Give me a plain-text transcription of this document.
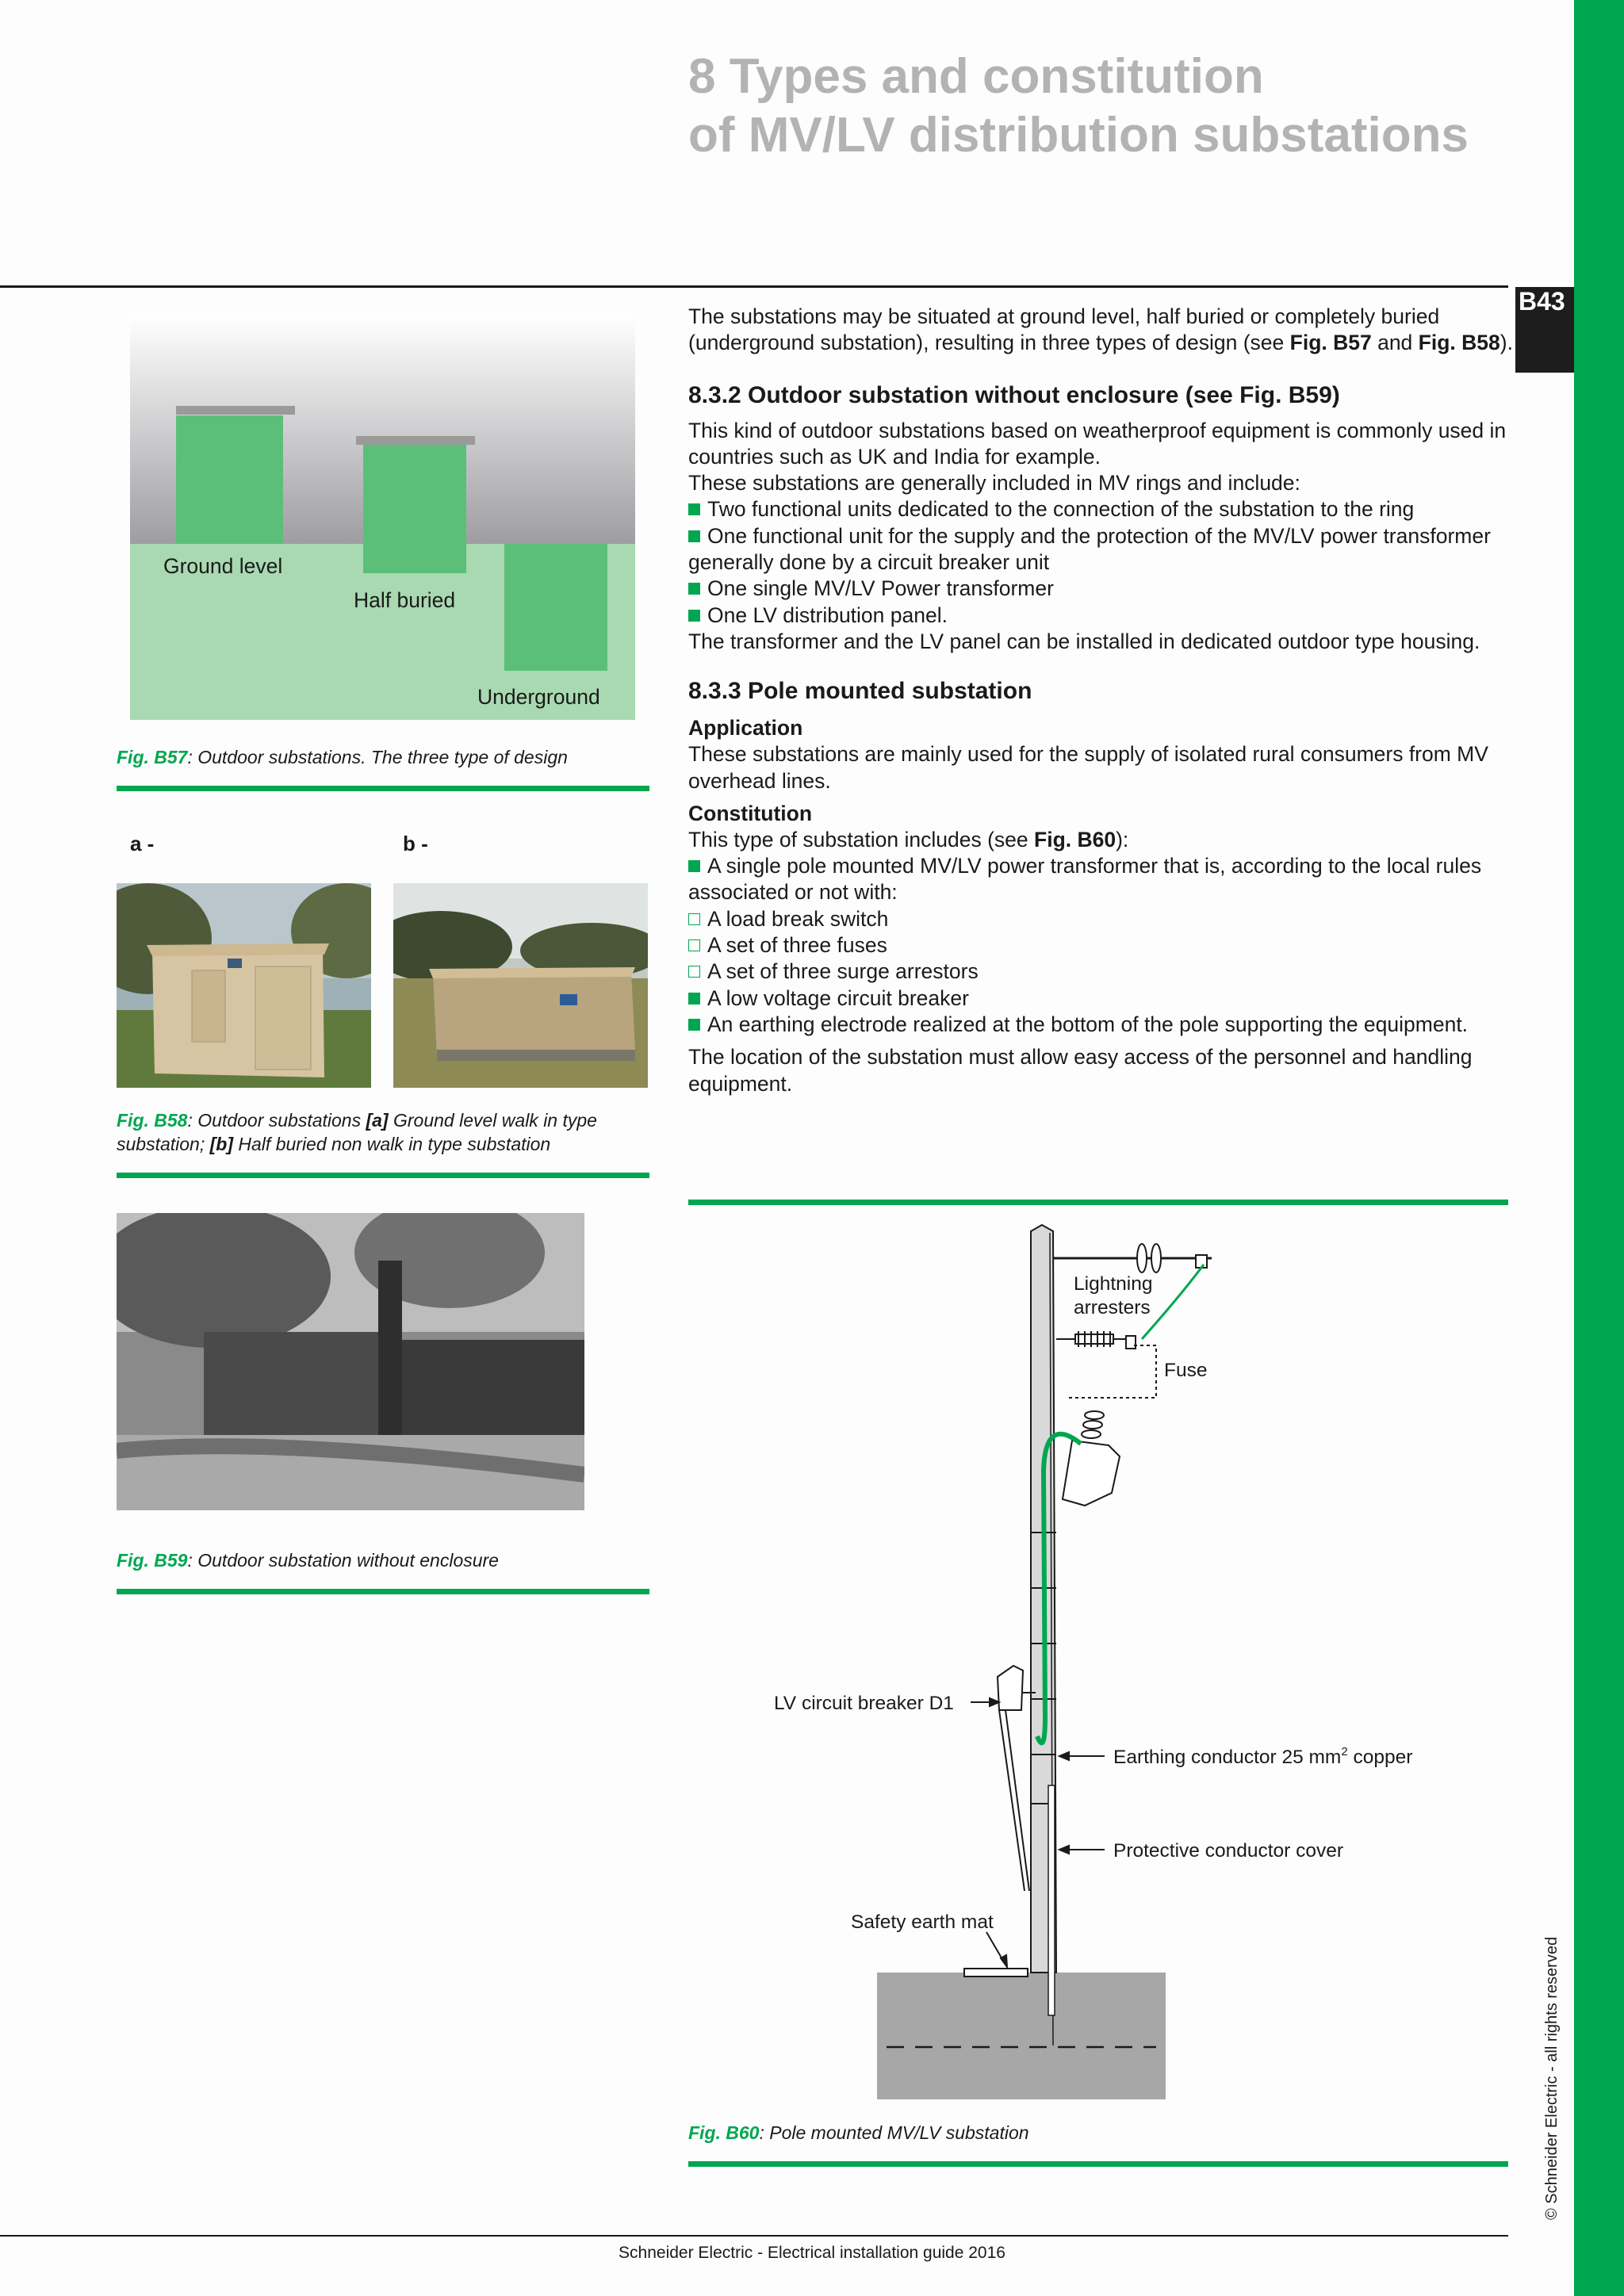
B43
8 Types and constitution
of MV/LV distribution substations
Ground level
Half buried
Underground
Fig. B57: Outdoor substations. The three type of design
a -	b -
Fig. B58: Outdoor substations [a] Ground level walk in type substation; [b] Half buried non walk in type substation
Fig. B59: Outdoor substation without enclosure

The substations may be situated at ground level, half buried or completely buried (underground substation), resulting in three types of design (see Fig. B57 and Fig. B58).

8.3.2 Outdoor substation without enclosure (see Fig. B59)

This kind of outdoor substations based on weatherproof equipment is commonly used in countries such as UK and India for example.

These substations are generally included in MV rings and include:

Two functional units dedicated to the connection of the substation to the ring

One functional unit for the supply and the protection of the MV/LV power transformer generally done by a circuit breaker unit

One single MV/LV Power transformer

One LV distribution panel.

The transformer and the LV panel can be installed in dedicated outdoor type housing.

8.3.3 Pole mounted substation

Application

These substations are mainly used for the supply of isolated rural consumers from MV overhead lines.

Constitution

This type of substation includes (see Fig. B60):

A single pole mounted MV/LV power transformer that is, according to the local rules associated or not with:

A load break switch

A set of three fuses

A set of three surge arrestors

A low voltage circuit breaker

An earthing electrode realized at the bottom of the pole supporting the equipment.

The location of the substation must allow easy access of the personnel and handling equipment.

Lightning
arresters
Fuse
LV circuit breaker D1
Earthing conductor 25 $mm^2$ copper
Protective conductor cover
Safety earth mat
Fig. B60: Pole mounted MV/LV substation
Schneider Electric - Electrical installation guide 2016
© Schneider Electric - all rights reserved
